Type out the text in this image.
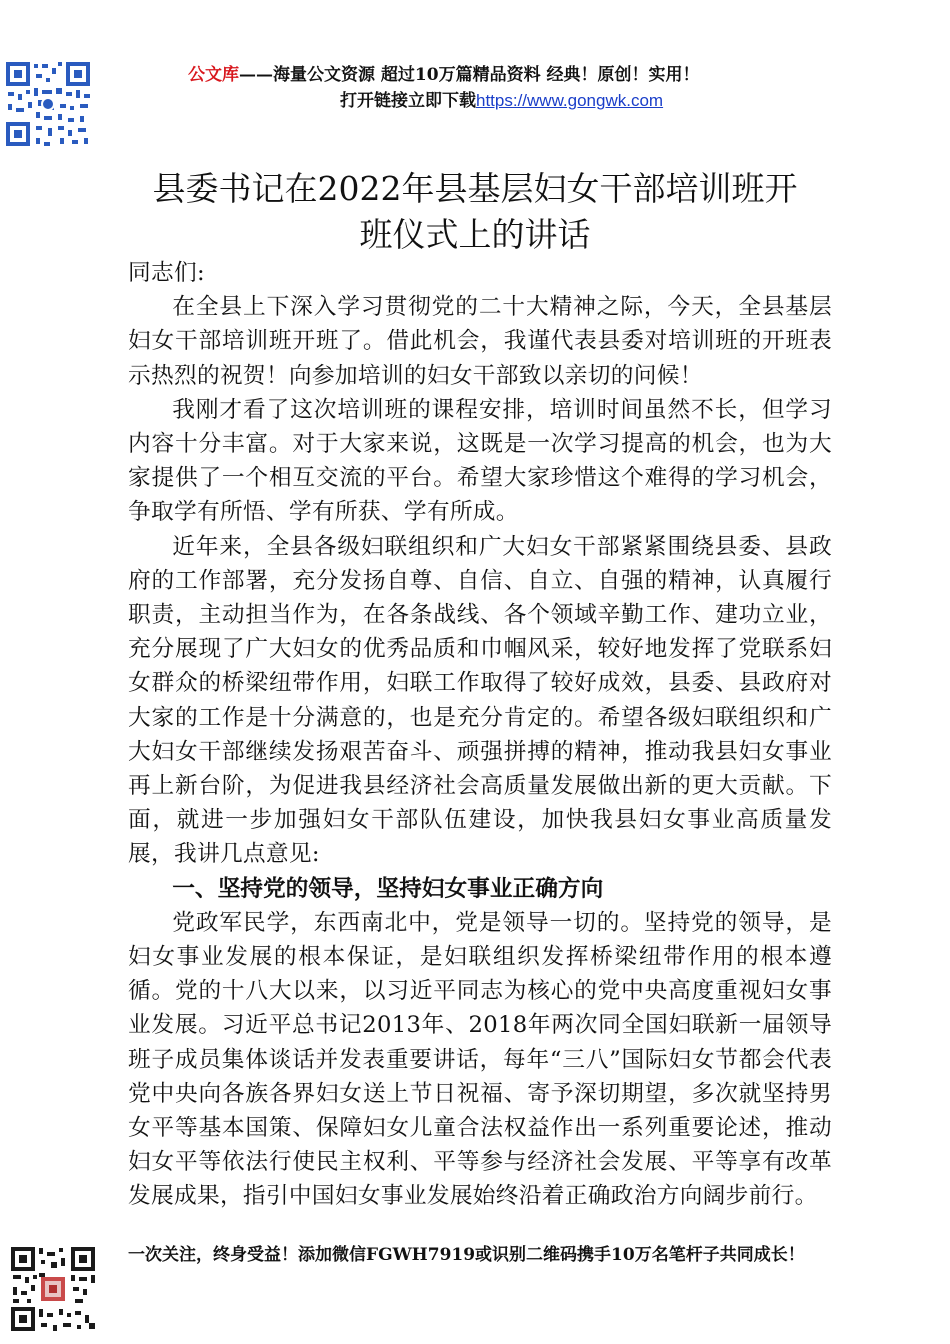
公文库——海量公文资源 超过10万篇精品资料 经典！原创！实用！
打开链接立即下载https://www.gongwk.com
县委书记在2022年县基层妇女干部培训班开
班仪式上的讲话

同志们:

在全县上下深入学习贯彻党的二十大精神之际，今天，全县基层妇女干部培训班开班了。借此机会，我谨代表县委对培训班的开班表示热烈的祝贺！向参加培训的妇女干部致以亲切的问候！

我刚才看了这次培训班的课程安排，培训时间虽然不长，但学习内容十分丰富。对于大家来说，这既是一次学习提高的机会，也为大家提供了一个相互交流的平台。希望大家珍惜这个难得的学习机会，争取学有所悟、学有所获、学有所成。

近年来，全县各级妇联组织和广大妇女干部紧紧围绕县委、县政府的工作部署，充分发扬自尊、自信、自立、自强的精神，认真履行职责，主动担当作为，在各条战线、各个领域辛勤工作、建功立业，充分展现了广大妇女的优秀品质和巾帼风采，较好地发挥了党联系妇女群众的桥梁纽带作用，妇联工作取得了较好成效，县委、县政府对大家的工作是十分满意的，也是充分肯定的。希望各级妇联组织和广大妇女干部继续发扬艰苦奋斗、顽强拼搏的精神，推动我县妇女事业再上新台阶，为促进我县经济社会高质量发展做出新的更大贡献。下面，就进一步加强妇女干部队伍建设，加快我县妇女事业高质量发展，我讲几点意见:

一、坚持党的领导，坚持妇女事业正确方向

党政军民学，东西南北中，党是领导一切的。坚持党的领导，是妇女事业发展的根本保证，是妇联组织发挥桥梁纽带作用的根本遵循。党的十八大以来，以习近平同志为核心的党中央高度重视妇女事业发展。习近平总书记2013年、2018年两次同全国妇联新一届领导班子成员集体谈话并发表重要讲话，每年“三八”国际妇女节都会代表党中央向各族各界妇女送上节日祝福、寄予深切期望，多次就坚持男女平等基本国策、保障妇女儿童合法权益作出一系列重要论述，推动妇女平等依法行使民主权利、平等参与经济社会发展、平等享有改革发展成果，指引中国妇女事业发展始终沿着正确政治方向阔步前行。

一次关注，终身受益！添加微信FGWH7919或识别二维码携手10万名笔杆子共同成长！
